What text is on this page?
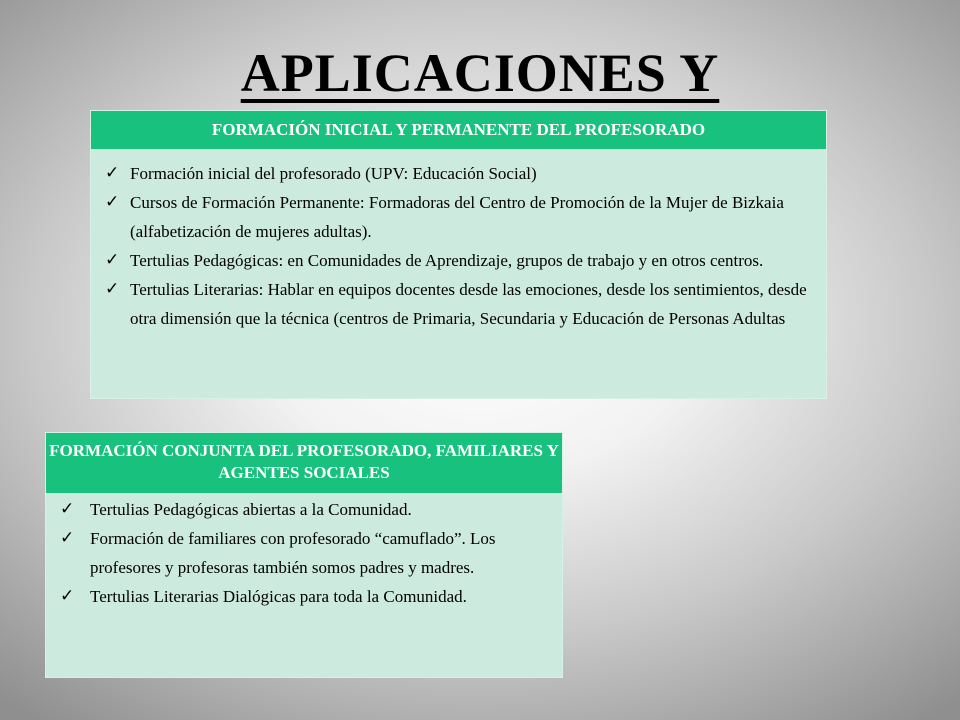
APLICACIONES Y
FORMACIÓN INICIAL Y PERMANENTE DEL PROFESORADO
✓ Formación inicial del profesorado (UPV: Educación Social)
✓ Cursos de Formación Permanente: Formadoras del Centro de Promoción de la Mujer de Bizkaia (alfabetización de mujeres adultas).
✓ Tertulias Pedagógicas: en Comunidades de Aprendizaje, grupos de trabajo y en otros centros.
✓ Tertulias Literarias: Hablar en equipos docentes desde las emociones, desde los sentimientos, desde otra dimensión que la técnica (centros de Primaria, Secundaria y Educación de Personas Adultas
FORMACIÓN CONJUNTA DEL PROFESORADO, FAMILIARES Y AGENTES SOCIALES
✓ Tertulias Pedagógicas abiertas a la Comunidad.
✓ Formación de familiares con profesorado “camuflado”. Los profesores y profesoras también somos padres y madres.
✓ Tertulias Literarias Dialógicas para toda la Comunidad.
